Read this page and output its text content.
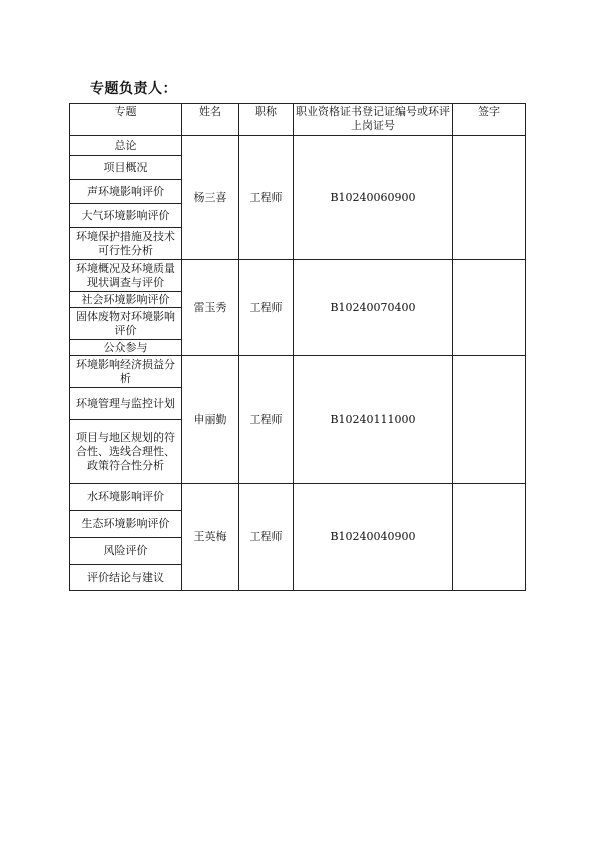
专题负责人：
专题	姓名	职称	职业资格证书登记证编号或环评上岗证号	签字
总论	杨三喜	工程师	B10240060900	
项目概况				
声环境影响评价				
大气环境影响评价				
环境保护措施及技术可行性分析				
环境概况及环境质量现状调查与评价	雷玉秀	工程师	B10240070400	
社会环境影响评价				
固体废物对环境影响评价				
公众参与				
环境影响经济损益分析	申丽勤	工程师	B10240111000	
环境管理与监控计划				
项目与地区规划的符合性、选线合理性、政策符合性分析				
水环境影响评价	王英梅	工程师	B10240040900	
生态环境影响评价				
风险评价				
评价结论与建议				
